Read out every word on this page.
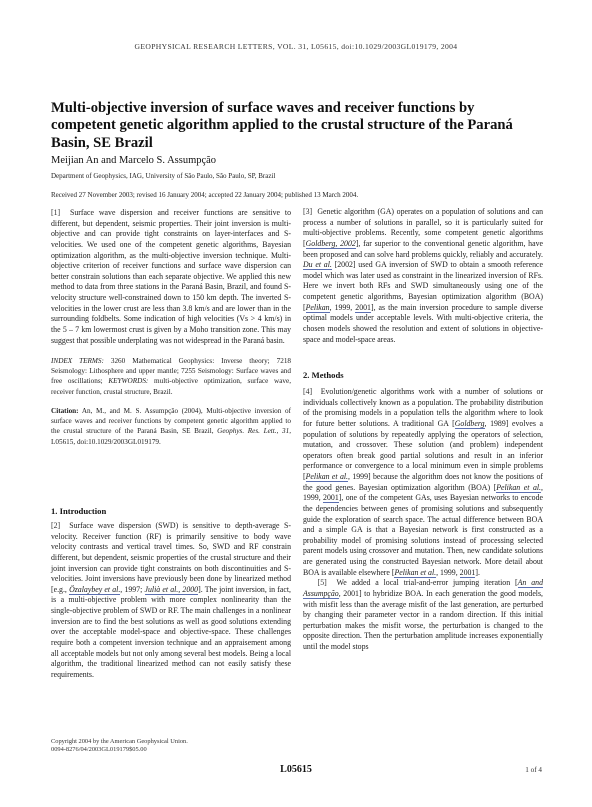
GEOPHYSICAL RESEARCH LETTERS, VOL. 31, L05615, doi:10.1029/2003GL019179, 2004
Multi-objective inversion of surface waves and receiver functions by competent genetic algorithm applied to the crustal structure of the Paraná Basin, SE Brazil
Meijian An and Marcelo S. Assumpção
Department of Geophysics, IAG, University of São Paulo, São Paulo, SP, Brazil
Received 27 November 2003; revised 16 January 2004; accepted 22 January 2004; published 13 March 2004.

[1] Surface wave dispersion and receiver functions are sensitive to different, but dependent, seismic properties. Their joint inversion is multi-objective and can provide tight constraints on layer-interfaces and S-velocities. We used one of the competent genetic algorithms, Bayesian optimization algorithm, as the multi-objective inversion technique. Multi-objective criterion of receiver functions and surface wave dispersion can better constrain solutions than each separate objective. We applied this new method to data from three stations in the Paraná Basin, Brazil, and found S-velocity structure well-constrained down to 150 km depth. The inverted S-velocities in the lower crust are less than 3.8 km/s and are lower than in the surrounding foldbelts. Some indication of high velocities (Vs > 4 km/s) in the 5 – 7 km lowermost crust is given by a Moho transition zone. This may suggest that possible underplating was not widespread in the Paraná basin.

INDEX TERMS: 3260 Mathematical Geophysics: Inverse theory; 7218 Seismology: Lithosphere and upper mantle; 7255 Seismology: Surface waves and free oscillations; KEYWORDS: multi-objective optimization, surface wave, receiver function, crustal structure, Brazil.

Citation: An, M., and M. S. Assumpção (2004), Multi-objective inversion of surface waves and receiver functions by competent genetic algorithm applied to the crustal structure of the Paraná Basin, SE Brazil, Geophys. Res. Lett., 31, L05615, doi:10.1029/2003GL019179.

1. Introduction

[2] Surface wave dispersion (SWD) is sensitive to depth-average S-velocity. Receiver function (RF) is primarily sensitive to body wave velocity contrasts and vertical travel times. So, SWD and RF constrain different, but dependent, seismic properties of the crustal structure and their joint inversion can provide tight constraints on both discontinuities and S-velocities. Joint inversions have previously been done by linearized method [e.g., Özalaybey et al., 1997; Julià et al., 2000]. The joint inversion, in fact, is a multi-objective problem with more complex nonlinearity than the single-objective problem of SWD or RF. The main challenges in a nonlinear inversion are to find the best solutions as well as good solutions extending over the acceptable model-space and objective-space. These challenges require both a competent inversion technique and an appraisement among all acceptable models but not only among several best models. Being a local algorithm, the traditional linearized method can not easily satisfy these requirements.

[3] Genetic algorithm (GA) operates on a population of solutions and can process a number of solutions in parallel, so it is particularly suited for multi-objective problems. Recently, some competent genetic algorithms [Goldberg, 2002], far superior to the conventional genetic algorithm, have been proposed and can solve hard problems quickly, reliably and accurately. Du et al. [2002] used GA inversion of SWD to obtain a smooth reference model which was later used as constraint in the linearized inversion of RFs. Here we invert both RFs and SWD simultaneously using one of the competent genetic algorithms, Bayesian optimization algorithm (BOA) [Pelikan, 1999, 2001], as the main inversion procedure to sample diverse optimal models under acceptable levels. With multi-objective criteria, the chosen models showed the resolution and extent of solutions in objective-space and model-space areas.

2. Methods

[4] Evolution/genetic algorithms work with a number of solutions or individuals collectively known as a population. The probability distribution of the promising models in a population tells the algorithm where to look for future better solutions. A traditional GA [Goldberg, 1989] evolves a population of solutions by repeatedly applying the operators of selection, mutation, and crossover. These solution (and problem) independent operators often break good partial solutions and result in an inferior performance or convergence to a local minimum even in simple problems [Pelikan et al., 1999] because the algorithm does not know the positions of the good genes. Bayesian optimization algorithm (BOA) [Pelikan et al., 1999, 2001], one of the competent GAs, uses Bayesian networks to encode the dependencies between genes of promising solutions and subsequently guide the exploration of search space. The actual difference between BOA and a simple GA is that a Bayesian network is first constructed as a probability model of promising solutions instead of processing selected parent models using crossover and mutation. Then, new candidate solutions are generated using the constructed Bayesian network. More detail about BOA is available elsewhere [Pelikan et al., 1999, 2001].

[5] We added a local trial-and-error jumping iteration [An and Assumpção, 2001] to hybridize BOA. In each generation the good models, with misfit less than the average misfit of the last generation, are perturbed by changing their parameter vector in a random direction. If this initial perturbation makes the misfit worse, the perturbation is changed to the opposite direction. Then the perturbation amplitude increases exponentially until the model stops

Copyright 2004 by the American Geophysical Union.
0094-8276/04/2003GL019179$05.00
L05615	1 of 4
